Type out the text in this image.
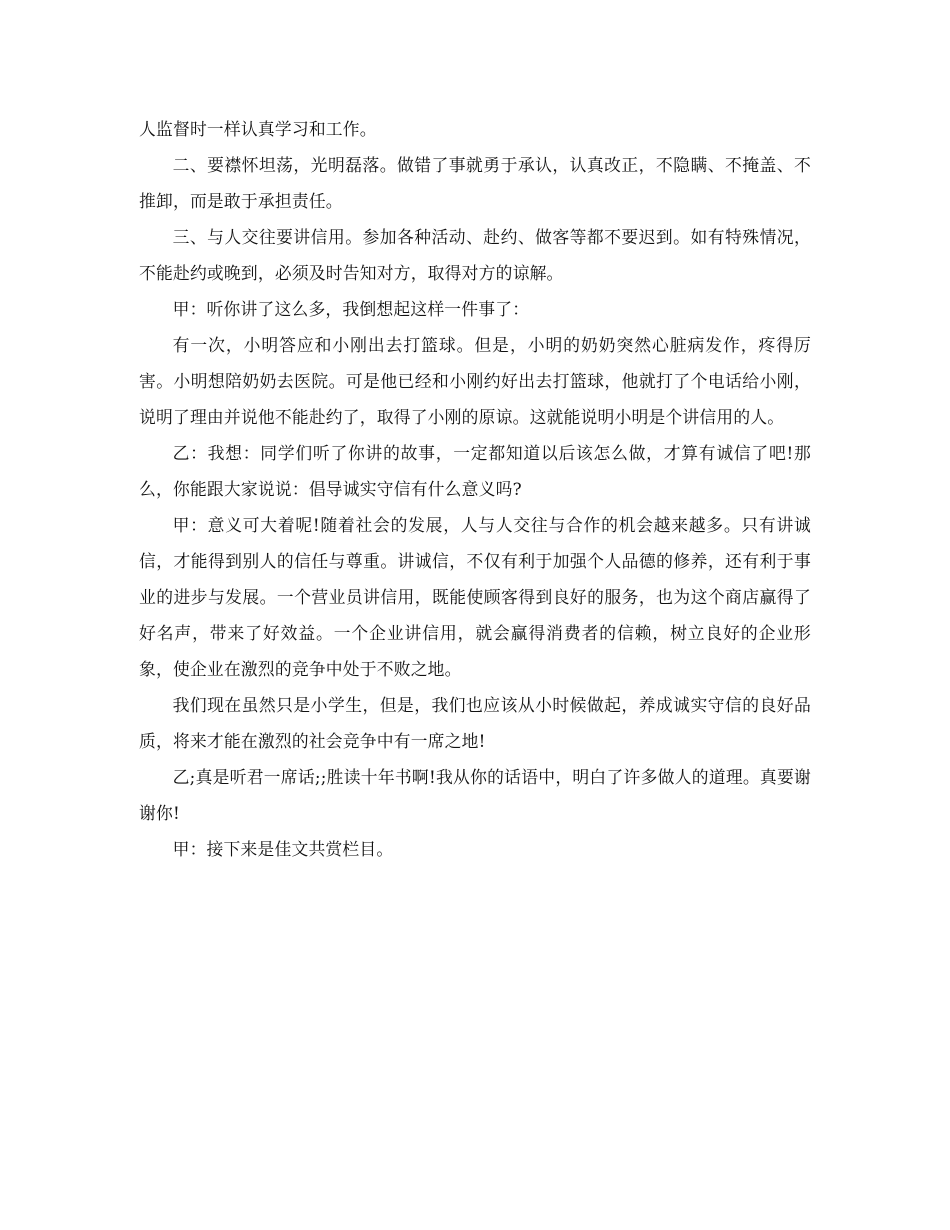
人监督时一样认真学习和工作。

二、要襟怀坦荡，光明磊落。做错了事就勇于承认，认真改正，不隐瞒、不掩盖、不推卸，而是敢于承担责任。

三、与人交往要讲信用。参加各种活动、赴约、做客等都不要迟到。如有特殊情况，不能赴约或晚到，必须及时告知对方，取得对方的谅解。

甲：听你讲了这么多，我倒想起这样一件事了：

有一次，小明答应和小刚出去打篮球。但是，小明的奶奶突然心脏病发作，疼得厉害。小明想陪奶奶去医院。可是他已经和小刚约好出去打篮球，他就打了个电话给小刚，说明了理由并说他不能赴约了，取得了小刚的原谅。这就能说明小明是个讲信用的人。

乙：我想：同学们听了你讲的故事，一定都知道以后该怎么做，才算有诚信了吧!那么，你能跟大家说说：倡导诚实守信有什么意义吗?

甲：意义可大着呢!随着社会的发展，人与人交往与合作的机会越来越多。只有讲诚信，才能得到别人的信任与尊重。讲诚信，不仅有利于加强个人品德的修养，还有利于事业的进步与发展。一个营业员讲信用，既能使顾客得到良好的服务，也为这个商店赢得了好名声，带来了好效益。一个企业讲信用，就会赢得消费者的信赖，树立良好的企业形象，使企业在激烈的竞争中处于不败之地。

我们现在虽然只是小学生，但是，我们也应该从小时候做起，养成诚实守信的良好品质，将来才能在激烈的社会竞争中有一席之地!

乙;真是听君一席话;;胜读十年书啊!我从你的话语中，明白了许多做人的道理。真要谢谢你!

甲：接下来是佳文共赏栏目。
